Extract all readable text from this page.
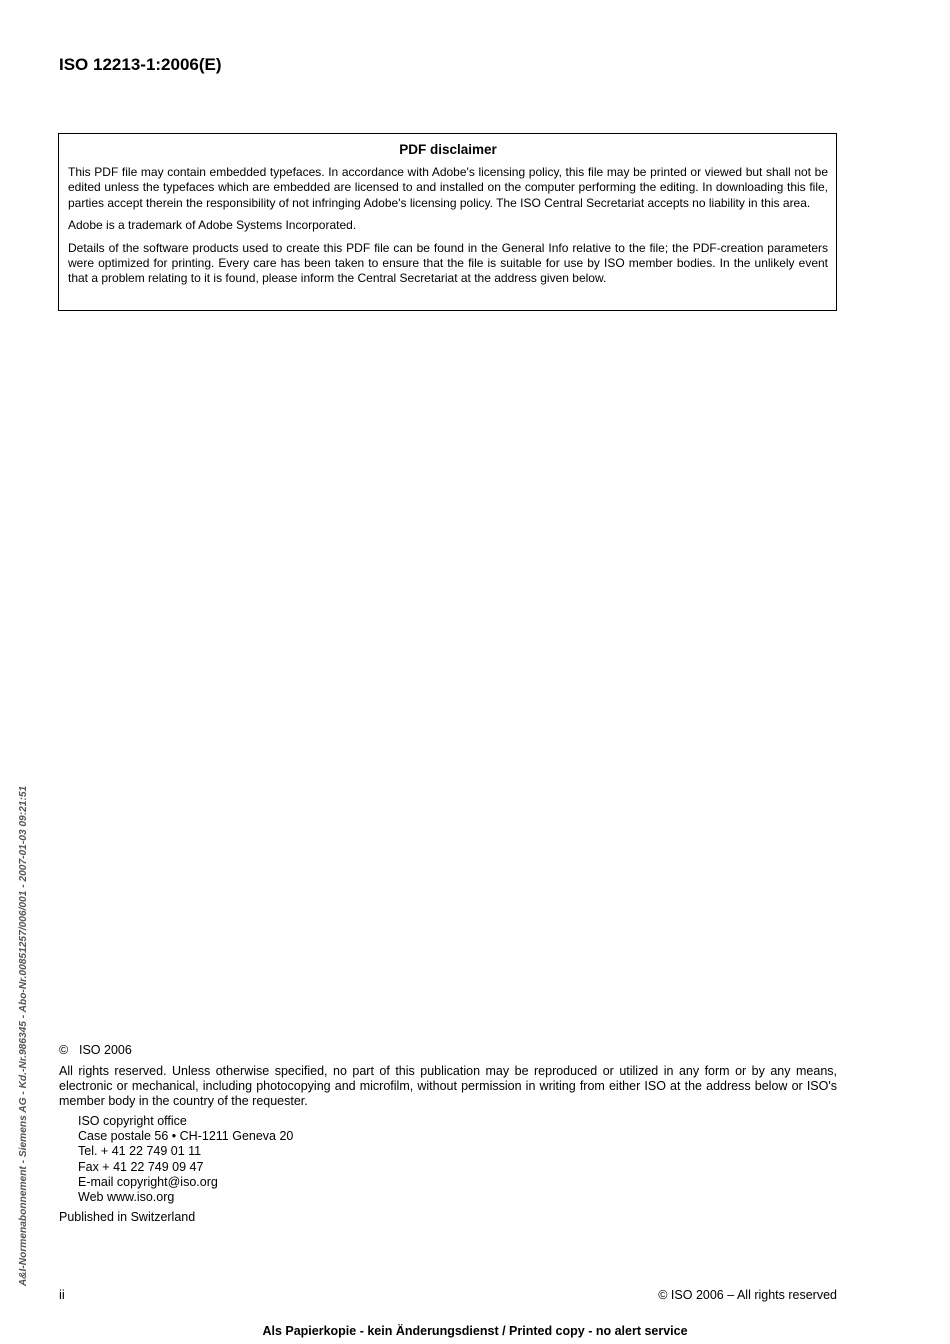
ISO 12213-1:2006(E)
PDF disclaimer

This PDF file may contain embedded typefaces. In accordance with Adobe's licensing policy, this file may be printed or viewed but shall not be edited unless the typefaces which are embedded are licensed to and installed on the computer performing the editing. In downloading this file, parties accept therein the responsibility of not infringing Adobe's licensing policy. The ISO Central Secretariat accepts no liability in this area.

Adobe is a trademark of Adobe Systems Incorporated.

Details of the software products used to create this PDF file can be found in the General Info relative to the file; the PDF-creation parameters were optimized for printing. Every care has been taken to ensure that the file is suitable for use by ISO member bodies. In the unlikely event that a problem relating to it is found, please inform the Central Secretariat at the address given below.

A&I-Normenabonnement - Siemens AG - Kd.-Nr.986345 - Abo-Nr.00851257/006/001 - 2007-01-03 09:21:51 © ISO 2006

All rights reserved. Unless otherwise specified, no part of this publication may be reproduced or utilized in any form or by any means, electronic or mechanical, including photocopying and microfilm, without permission in writing from either ISO at the address below or ISO's member body in the country of the requester.

ISO copyright office
Case postale 56 • CH-1211 Geneva 20
Tel. + 41 22 749 01 11
Fax + 41 22 749 09 47
E-mail copyright@iso.org
Web www.iso.org

Published in Switzerland

ii	© ISO 2006 – All rights reserved
Als Papierkopie - kein Änderungsdienst / Printed copy - no alert service
